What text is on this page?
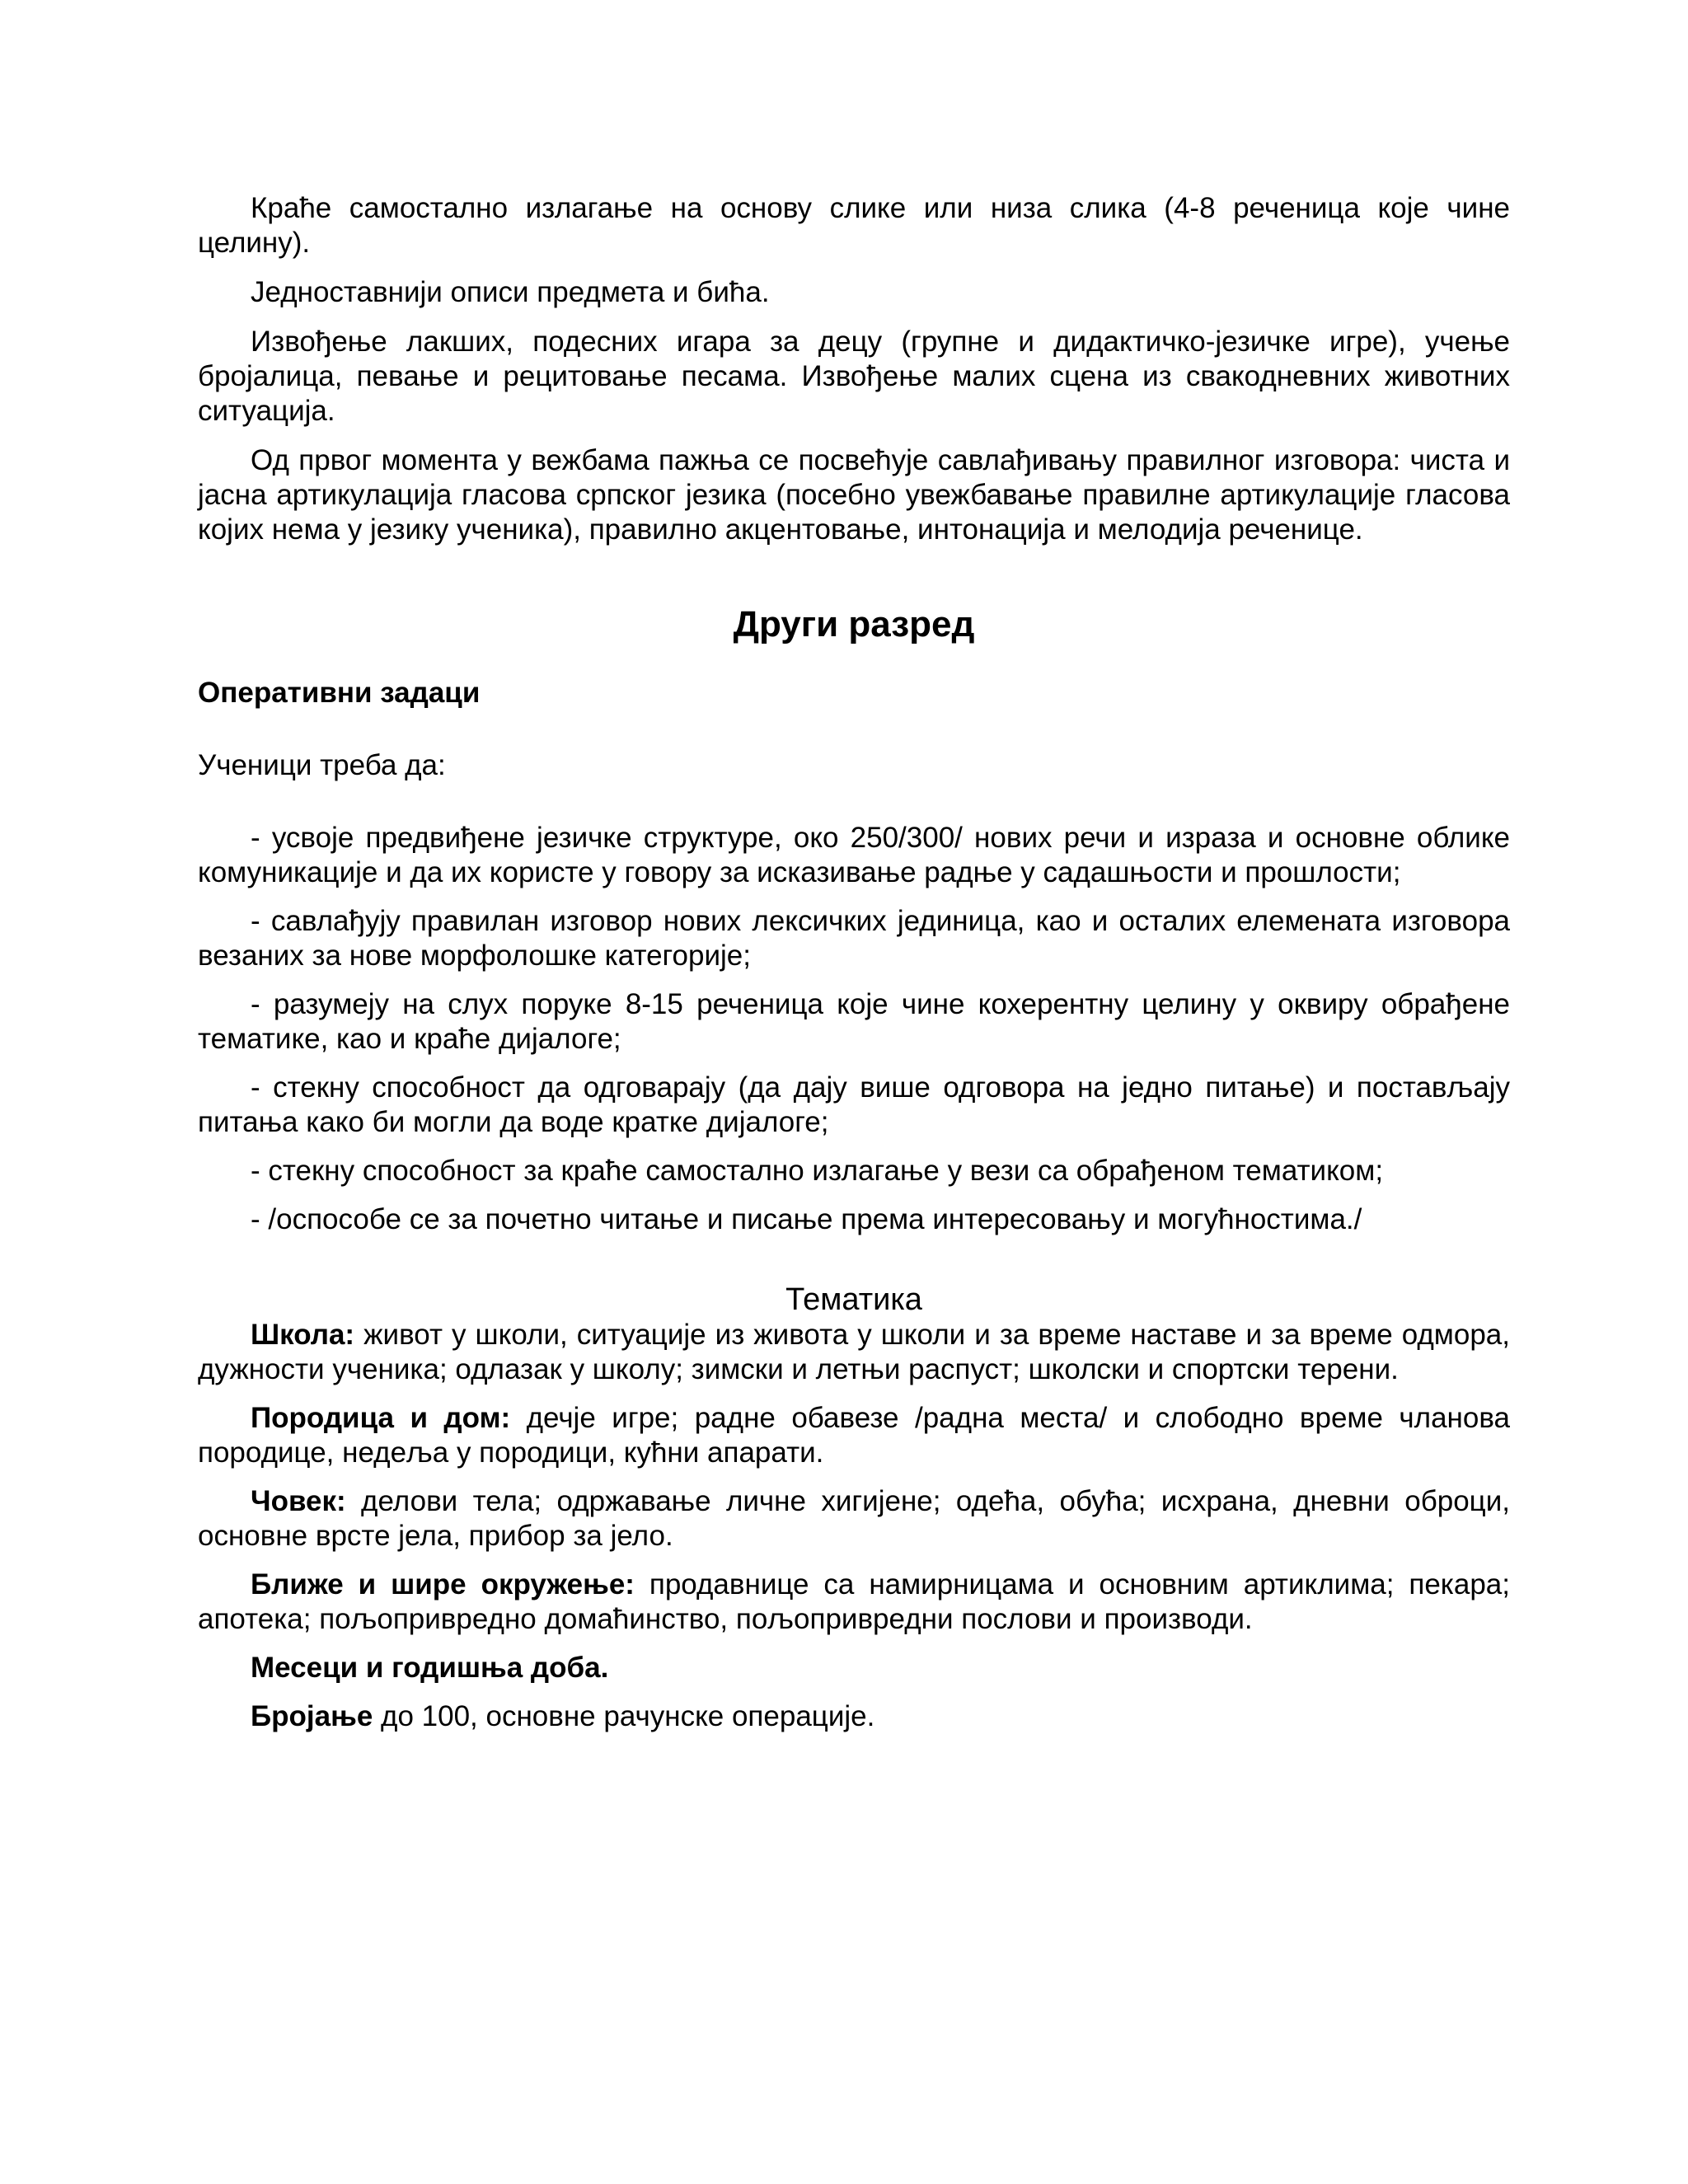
Краће самостално излагање на основу слике или низа слика (4-8 реченица које чине целину).

Једноставнији описи предмета и бића.

Извођење лакших, подесних игара за децу (групне и дидактичко-језичке игре), учење бројалица, певање и рецитовање песама. Извођење малих сцена из свакодневних животних ситуација.

Од првог момента у вежбама пажња се посвећује савлађивању правилног изговора: чиста и јасна артикулација гласова српског језика (посебно увежбавање правилне артикулације гласова којих нема у језику ученика), правилно акцентовање, интонација и мелодија реченице.

Други разред

Оперативни задаци

Ученици треба да:

- усвоје предвиђене језичке структуре, око 250/300/ нових речи и израза и основне облике комуникације и да их користе у говору за исказивање радње у садашњости и прошлости;

- савлађују правилан изговор нових лексичких јединица, као и осталих елемената изговора везаних за нове морфолошке категорије;

- разумеју на слух поруке 8-15 реченица које чине кохерентну целину у оквиру обрађене тематике, као и краће дијалоге;

- стекну способност да одговарају (да дају више одговора на једно питање) и постављају питања како би могли да воде кратке дијалоге;

- стекну способност за краће самостално излагање у вези са обрађеном тематиком;

- /оспособе се за почетно читање и писање према интересовању и могућностима./

Тематика

Школа: живот у школи, ситуације из живота у школи и за време наставе и за време одмора, дужности ученика; одлазак у школу; зимски и летњи распуст; школски и спортски терени.

Породица и дом: дечје игре; радне обавезе /радна места/ и слободно време чланова породице, недеља у породици, кућни апарати.

Човек: делови тела; одржавање личне хигијене; одећа, обућа; исхрана, дневни оброци, основне врсте јела, прибор за јело.

Ближе и шире окружење: продавнице са намирницама и основним артиклима; пекара; апотека; пољопривредно домаћинство, пољопривредни послови и производи.

Месеци и годишња доба.

Бројање до 100, основне рачунске операције.
